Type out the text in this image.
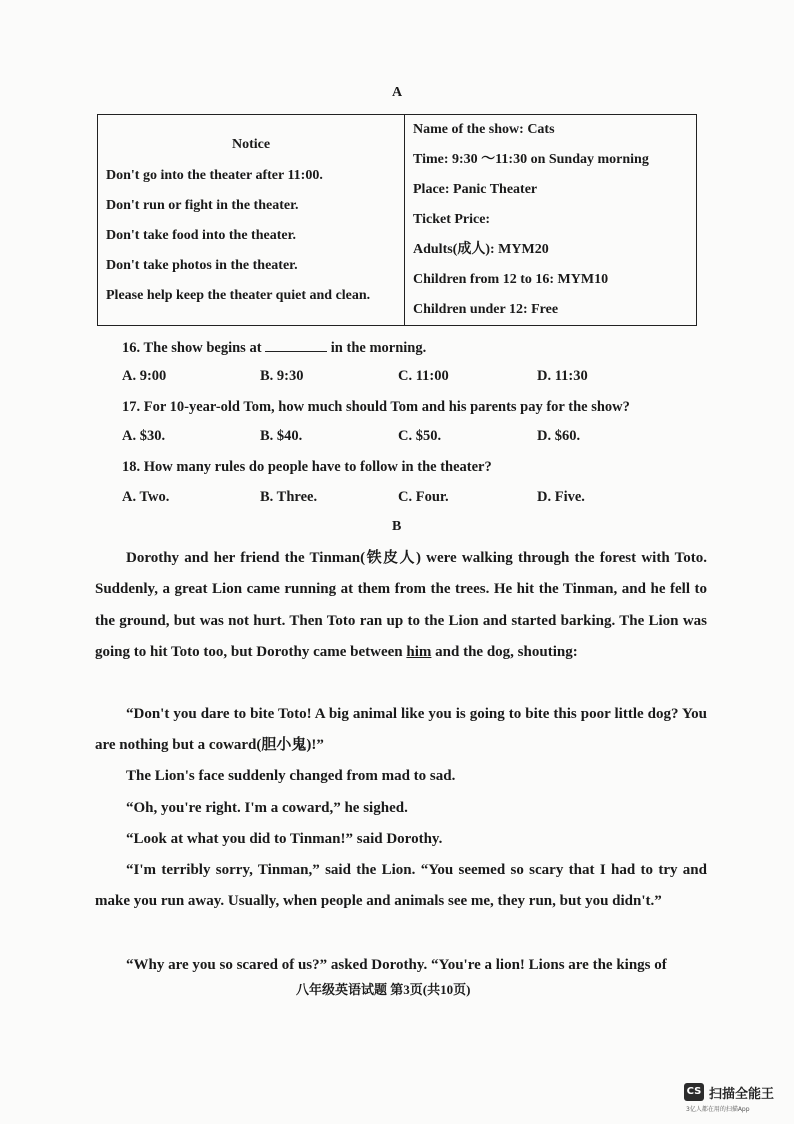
A
Notice
Don't go into the theater after 11:00.
Don't run or fight in the theater.
Don't take food into the theater.
Don't take photos in the theater.
Please help keep the theater quiet and clean.

Name of the show: Cats
Time: 9:30 ～11:30 on Sunday morning
Place: Panic Theater
Ticket Price:
Adults(成人): MYM20
Children from 12 to 16: MYM10
Children under 12: Free
16. The show begins at	in the morning.
A. 9:00	B. 9:30	C. 11:00	D. 11:30
17. For 10-year-old Tom, how much should Tom and his parents pay for the show?
A. $30.	B. $40.	C. $50.	D. $60.
18. How many rules do people have to follow in the theater?
A. Two.	B. Three.	C. Four.	D. Five.
B
Dorothy and her friend the Tinman(铁皮人) were walking through the forest with Toto. Suddenly, a great Lion came running at them from the trees. He hit the Tinman, and he fell to the ground, but was not hurt. Then Toto ran up to the Lion and started barking. The Lion was going to hit Toto too, but Dorothy came between him and the dog, shouting:
“Don't you dare to bite Toto! A big animal like you is going to bite this poor little dog? You are nothing but a coward(胆小鬼)!”
The Lion's face suddenly changed from mad to sad.
“Oh, you're right. I'm a coward,” he sighed.
“Look at what you did to Tinman!” said Dorothy.
“I'm terribly sorry, Tinman,” said the Lion. “You seemed so scary that I had to try and make you run away. Usually, when people and animals see me, they run, but you didn't.”
“Why are you so scared of us?” asked Dorothy. “You're a lion! Lions are the kings of
八年级英语试题 第3页(共10页)
CS 扫描全能王
3亿人都在用的扫描App
